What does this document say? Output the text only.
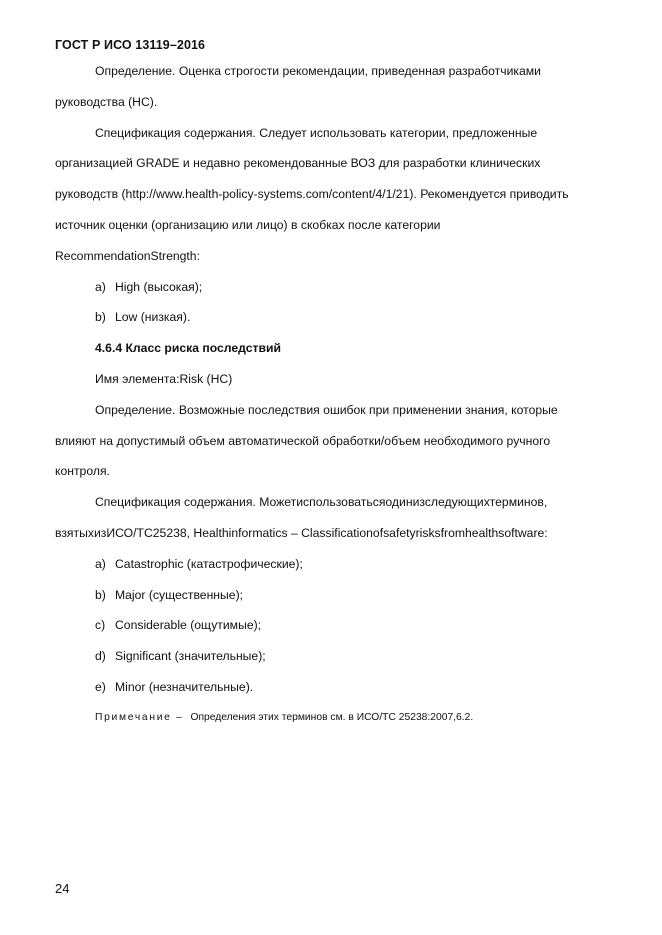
ГОСТ Р ИСО 13119–2016

Определение. Оценка строгости рекомендации, приведенная разработчиками

руководства (НС).

Спецификация содержания. Следует использовать категории, предложенные

организацией GRADE и недавно рекомендованные ВОЗ для разработки клинических

руководств (http://www.health-policy-systems.com/content/4/1/21). Рекомендуется приводить

источник оценки (организацию или лицо) в скобках после категории

RecommendationStrength:

a) High (высокая);

b) Low (низкая).

4.6.4 Класс риска последствий

Имя элемента:Risk (НС)

Определение. Возможные последствия ошибок при применении знания, которые

влияют на допустимый объем автоматической обработки/объем необходимого ручного

контроля.

Спецификация содержания. Можетиспользоватьсяодинизследующихтерминов,

взятыхизИСО/ТС25238, Healthinformatics – Classificationofsafetyrisksfromhealthsoftware:

a) Catastrophic (катастрофические);

b) Major (существенные);

c) Considerable (ощутимые);

d) Significant (значительные);

e) Minor (незначительные).

Примечание – Определения этих терминов см. в ИСО/ТС 25238:2007,6.2.

24
